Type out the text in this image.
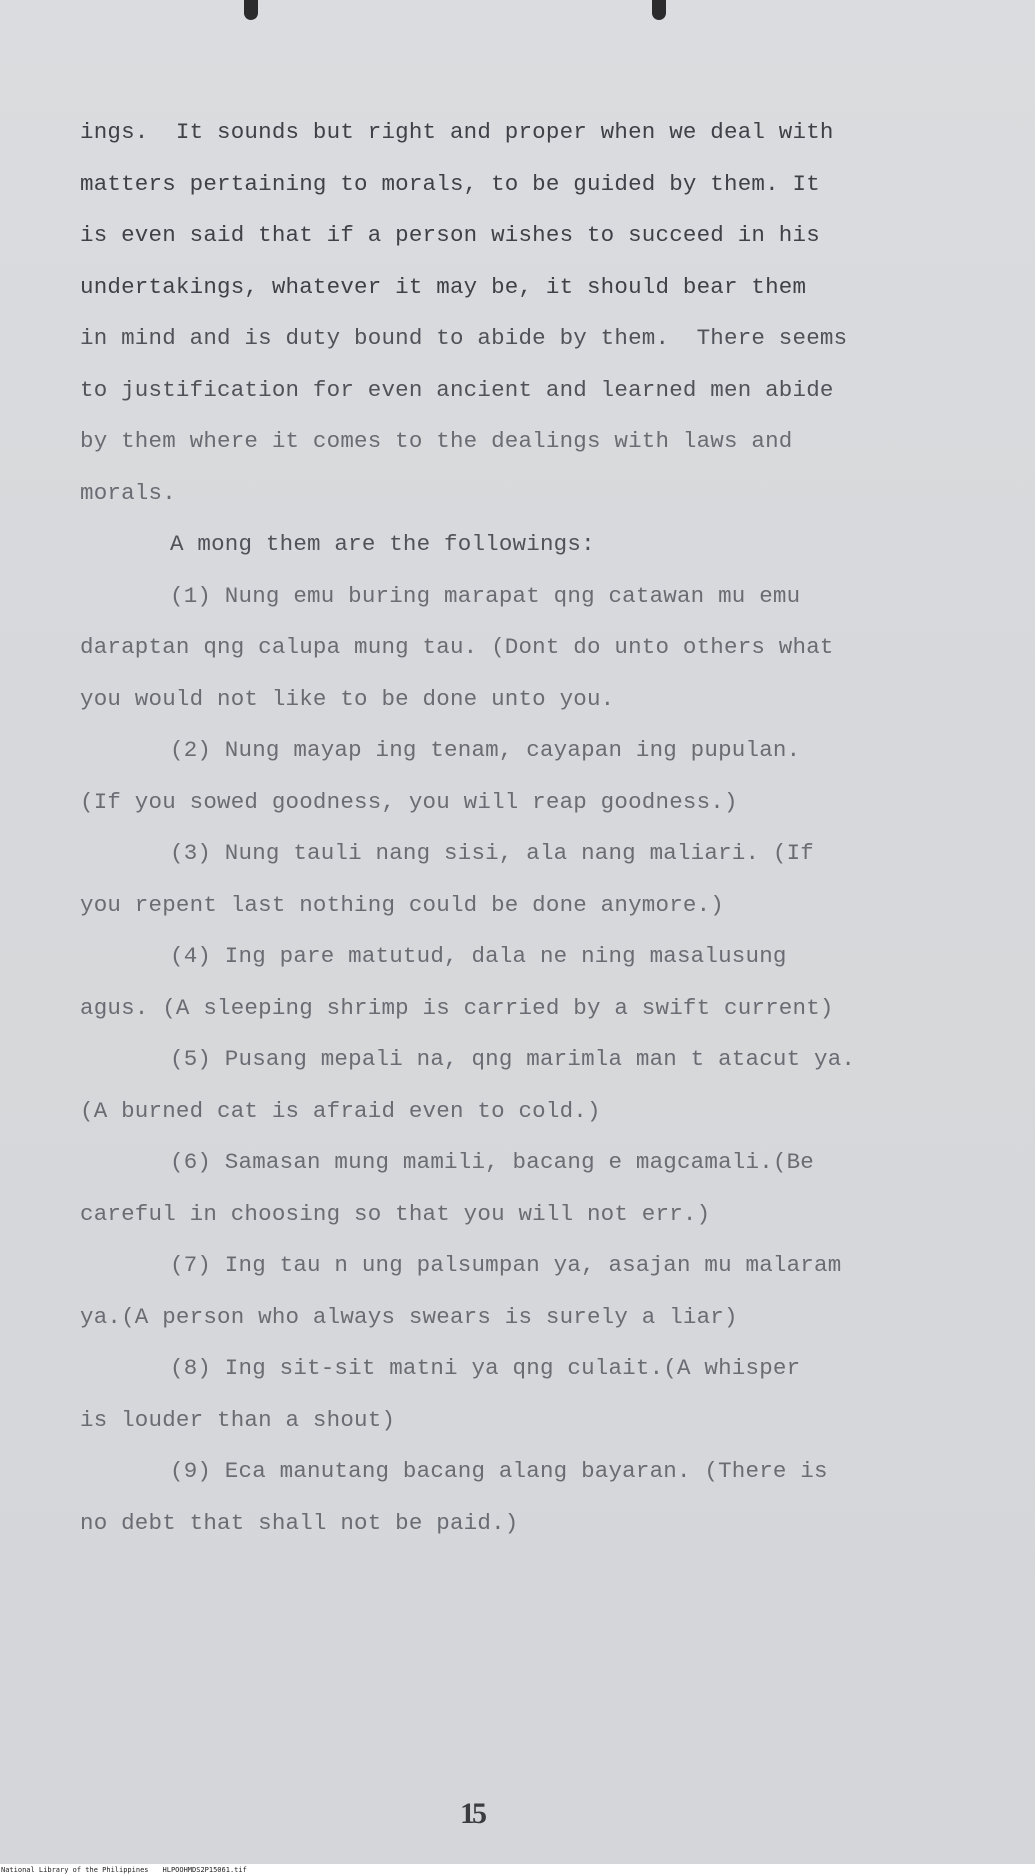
ings.  It sounds but right and proper when we deal with
matters pertaining to morals, to be guided by them. It
is even said that if a person wishes to succeed in his
undertakings, whatever it may be, it should bear them
in mind and is duty bound to abide by them.  There seems
to justification for even ancient and learned men abide
by them where it comes to the dealings with laws and
morals.
A mong them are the followings:
(1) Nung emu buring marapat qng catawan mu emu
daraptan qng calupa mung tau. (Dont do unto others what
you would not like to be done unto you.
(2) Nung mayap ing tenam, cayapan ing pupulan.
(If you sowed goodness, you will reap goodness.)
(3) Nung tauli nang sisi, ala nang maliari. (If
you repent last nothing could be done anymore.)
(4) Ing pare matutud, dala ne ning masalusung
agus. (A sleeping shrimp is carried by a swift current)
(5) Pusang mepali na, qng marimla man t atacut ya.
(A burned cat is afraid even to cold.)
(6) Samasan mung mamili, bacang e magcamali.(Be
careful in choosing so that you will not err.)
(7) Ing tau n ung palsumpan ya, asajan mu malaram
ya.(A person who always swears is surely a liar)
(8) Ing sit-sit matni ya qng culait.(A whisper
is louder than a shout)
(9) Eca manutang bacang alang bayaran. (There is
no debt that shall not be paid.)
15
National Library of the Philippines HLPOOHMDS2P15061.tif
